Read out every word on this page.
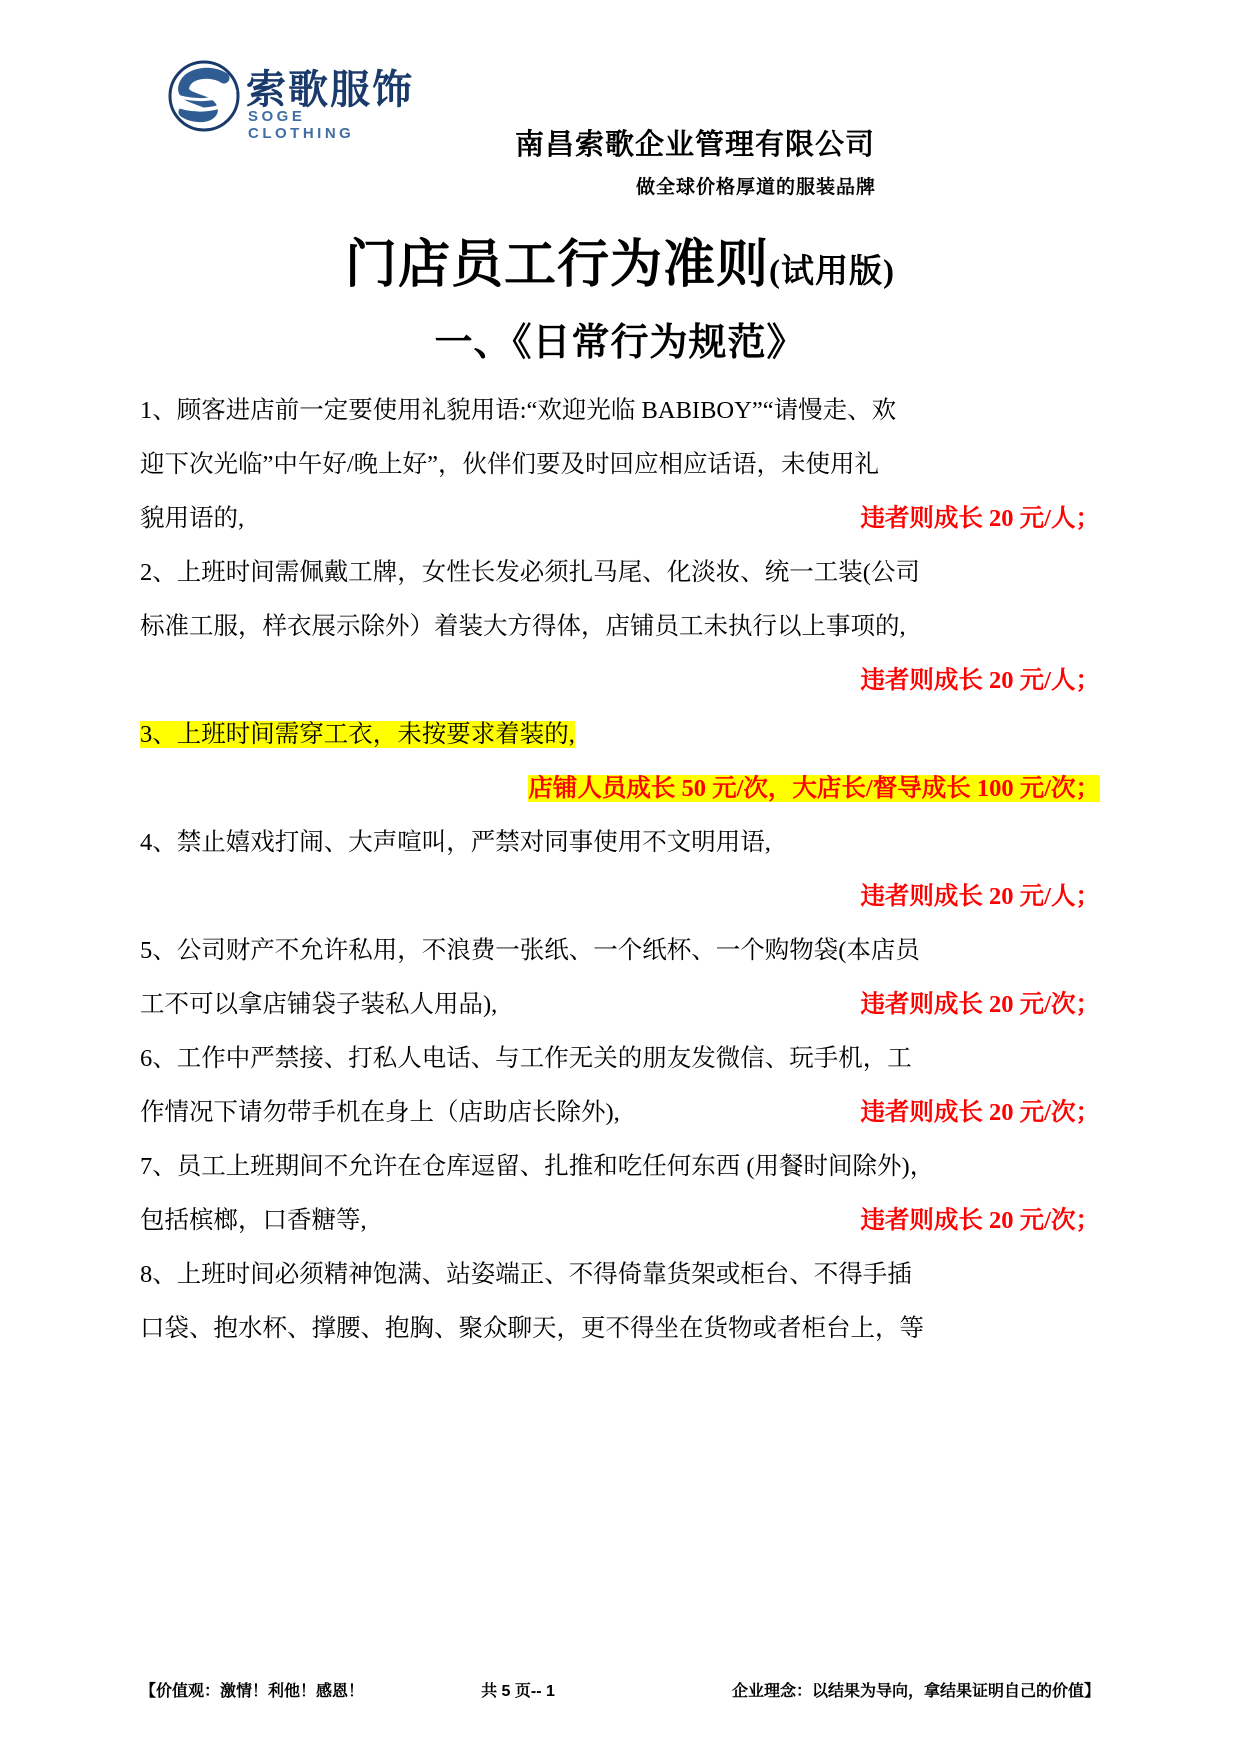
索歌服饰
SOGE CLOTHING	南昌索歌企业管理有限公司
做全球价格厚道的服装品牌
门店员工行为准则(试用版)
一、《日常行为规范》
1、顾客进店前一定要使用礼貌用语:“欢迎光临 BABIBOY”“请慢走、欢
迎下次光临”中午好/晚上好”，伙伴们要及时回应相应话语，未使用礼
貌用语的,	违者则成长 20 元/人；
2、上班时间需佩戴工牌，女性长发必须扎马尾、化淡妆、统一工装(公司
标准工服，样衣展示除外）着装大方得体，店铺员工未执行以上事项的,
违者则成长 20 元/人；
3、上班时间需穿工衣，未按要求着装的,
店铺人员成长 50 元/次，大店长/督导成长 100 元/次；
4、禁止嬉戏打闹、大声喧叫，严禁对同事使用不文明用语,
违者则成长 20 元/人；
5、公司财产不允许私用，不浪费一张纸、一个纸杯、一个购物袋(本店员
工不可以拿店铺袋子装私人用品),	违者则成长 20 元/次；
6、工作中严禁接、打私人电话、与工作无关的朋友发微信、玩手机，工
作情况下请勿带手机在身上（店助店长除外),	违者则成长 20 元/次；
7、员工上班期间不允许在仓库逗留、扎推和吃任何东西 (用餐时间除外)，
包括槟榔，口香糖等,	违者则成长 20 元/次；
8、上班时间必须精神饱满、站姿端正、不得倚靠货架或柜台、不得手插
口袋、抱水杯、撑腰、抱胸、聚众聊天，更不得坐在货物或者柜台上，等
【价值观：激情！利他！感恩！	共 5 页-- 1	企业理念：以结果为导向，拿结果证明自己的价值】
